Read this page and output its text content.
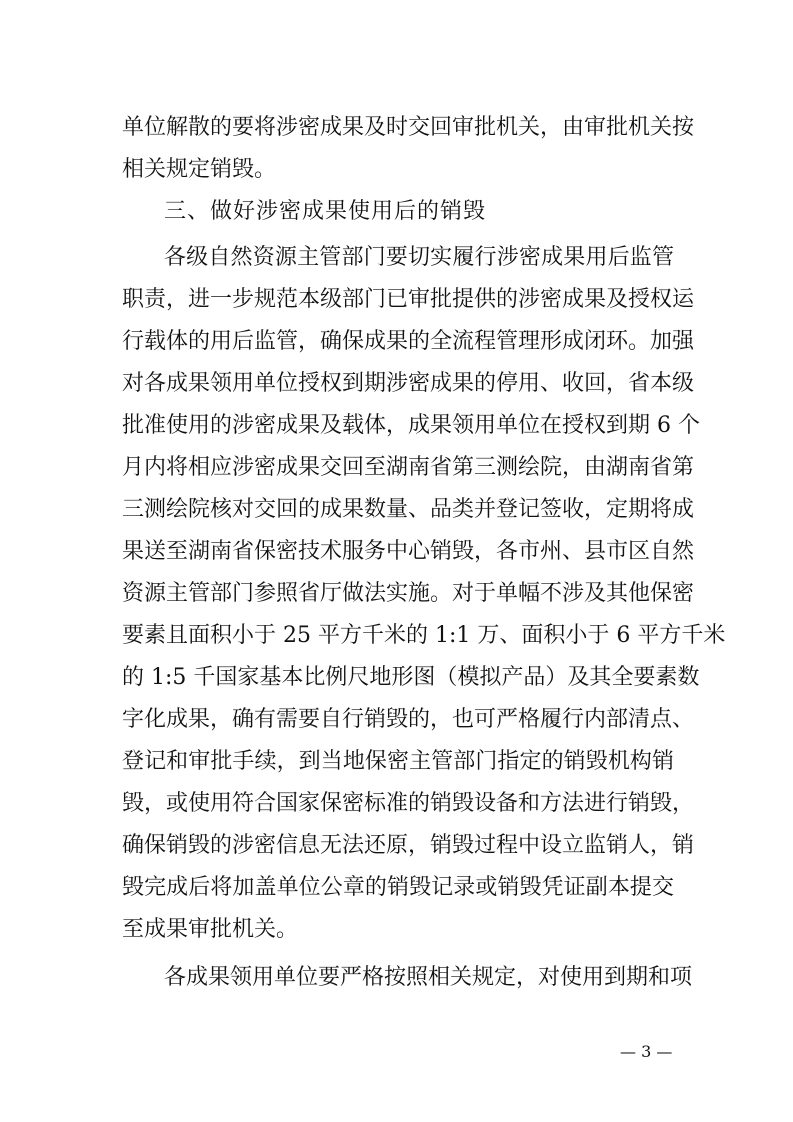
单位解散的要将涉密成果及时交回审批机关，由审批机关按
相关规定销毁。
三、做好涉密成果使用后的销毁
各级自然资源主管部门要切实履行涉密成果用后监管
职责，进一步规范本级部门已审批提供的涉密成果及授权运
行载体的用后监管，确保成果的全流程管理形成闭环。加强
对各成果领用单位授权到期涉密成果的停用、收回，省本级
批准使用的涉密成果及载体，成果领用单位在授权到期 6 个
月内将相应涉密成果交回至湖南省第三测绘院，由湖南省第
三测绘院核对交回的成果数量、品类并登记签收，定期将成
果送至湖南省保密技术服务中心销毁，各市州、县市区自然
资源主管部门参照省厅做法实施。对于单幅不涉及其他保密
要素且面积小于 25 平方千米的 1:1 万、面积小于 6 平方千米
的 1:5 千国家基本比例尺地形图（模拟产品）及其全要素数
字化成果，确有需要自行销毁的，也可严格履行内部清点、
登记和审批手续，到当地保密主管部门指定的销毁机构销
毁，或使用符合国家保密标准的销毁设备和方法进行销毁，
确保销毁的涉密信息无法还原，销毁过程中设立监销人，销
毁完成后将加盖单位公章的销毁记录或销毁凭证副本提交
至成果审批机关。
各成果领用单位要严格按照相关规定，对使用到期和项
— 3 —
